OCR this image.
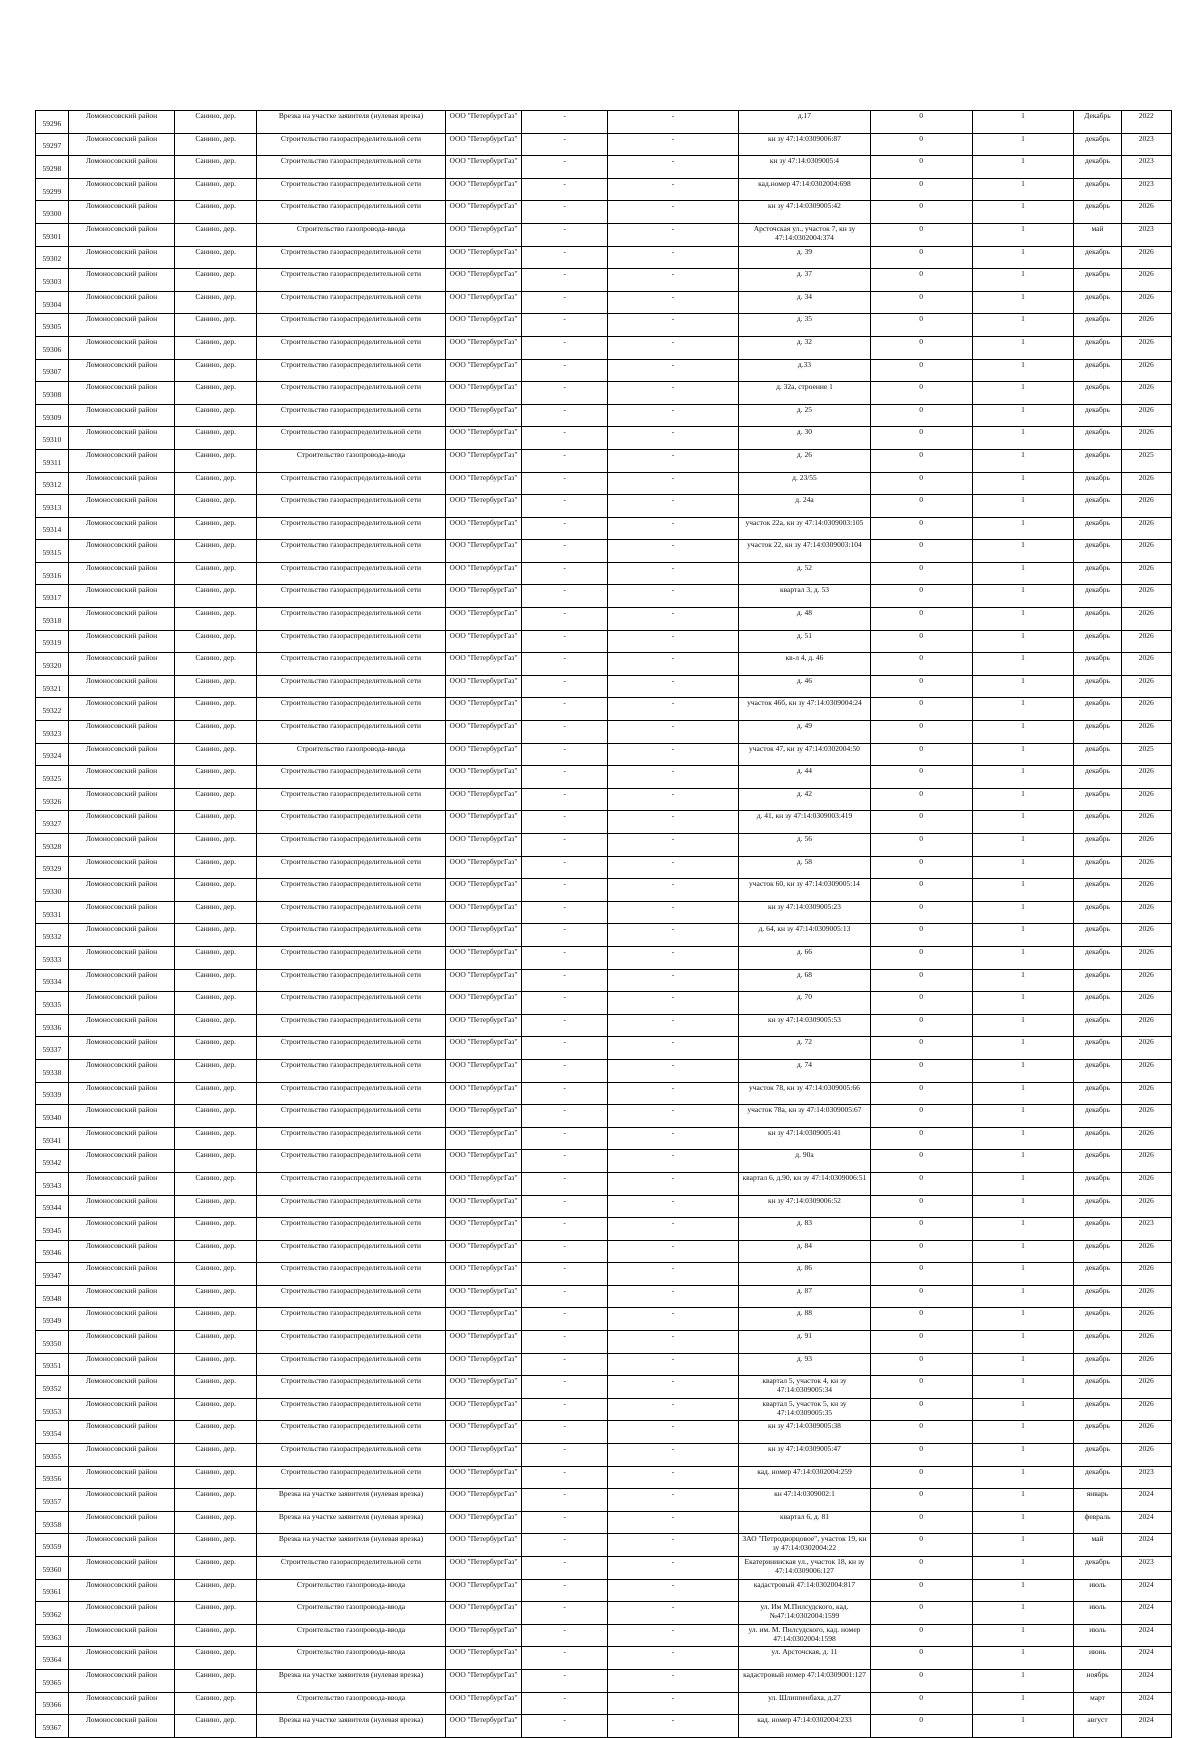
59296	Ломоносовский район	Санино, дер.	Врезка на участке заявителя (нулевая врезка)	ООО "ПетербургГаз"	-	-	д.17	0	1	Декабрь	2022
59297	Ломоносовский район	Санино, дер.	Строительство газораспределительной сети	ООО "ПетербургГаз"	-	-	кн зу 47:14:0309006:87	0	1	декабрь	2023
59298	Ломоносовский район	Санино, дер.	Строительство газораспределительной сети	ООО "ПетербургГаз"	-	-	кн зу 47:14:0309005:4	0	1	декабрь	2023
59299	Ломоносовский район	Санино, дер.	Строительство газораспределительной сети	ООО "ПетербургГаз"	-	-	кад.номер 47:14:0302004:698	0	1	декабрь	2023
59300	Ломоносовский район	Санино, дер.	Строительство газораспределительной сети	ООО "ПетербургГаз"	-	-	кн зу 47:14:0309005:42	0	1	декабрь	2026
59301	Ломоносовский район	Санино, дер.	Строительство газопровода-ввода	ООО "ПетербургГаз"	-	-	Арсточская ул., участок 7, кн зу 47:14:0302004:374	0	1	май	2023
59302	Ломоносовский район	Санино, дер.	Строительство газораспределительной сети	ООО "ПетербургГаз"	-	-	д. 39	0	1	декабрь	2026
59303	Ломоносовский район	Санино, дер.	Строительство газораспределительной сети	ООО "ПетербургГаз"	-	-	д. 37	0	1	декабрь	2026
59304	Ломоносовский район	Санино, дер.	Строительство газораспределительной сети	ООО "ПетербургГаз"	-	-	д. 34	0	1	декабрь	2026
59305	Ломоносовский район	Санино, дер.	Строительство газораспределительной сети	ООО "ПетербургГаз"	-	-	д. 35	0	1	декабрь	2026
59306	Ломоносовский район	Санино, дер.	Строительство газораспределительной сети	ООО "ПетербургГаз"	-	-	д. 32	0	1	декабрь	2026
59307	Ломоносовский район	Санино, дер.	Строительство газораспределительной сети	ООО "ПетербургГаз"	-	-	д.33	0	1	декабрь	2026
59308	Ломоносовский район	Санино, дер.	Строительство газораспределительной сети	ООО "ПетербургГаз"	-	-	д. 32а, строение 1	0	1	декабрь	2026
59309	Ломоносовский район	Санино, дер.	Строительство газораспределительной сети	ООО "ПетербургГаз"	-	-	д. 25	0	1	декабрь	2026
59310	Ломоносовский район	Санино, дер.	Строительство газораспределительной сети	ООО "ПетербургГаз"	-	-	д. 30	0	1	декабрь	2026
59311	Ломоносовский район	Санино, дер.	Строительство газопровода-ввода	ООО "ПетербургГаз"	-	-	д. 26	0	1	декабрь	2025
59312	Ломоносовский район	Санино, дер.	Строительство газораспределительной сети	ООО "ПетербургГаз"	-	-	д. 23/55	0	1	декабрь	2026
59313	Ломоносовский район	Санино, дер.	Строительство газораспределительной сети	ООО "ПетербургГаз"	-	-	д. 24а	0	1	декабрь	2026
59314	Ломоносовский район	Санино, дер.	Строительство газораспределительной сети	ООО "ПетербургГаз"	-	-	участок 22а, кн зу 47:14:0309003:105	0	1	декабрь	2026
59315	Ломоносовский район	Санино, дер.	Строительство газораспределительной сети	ООО "ПетербургГаз"	-	-	участок 22, кн зу 47:14:0309003:104	0	1	декабрь	2026
59316	Ломоносовский район	Санино, дер.	Строительство газораспределительной сети	ООО "ПетербургГаз"	-	-	д. 52	0	1	декабрь	2026
59317	Ломоносовский район	Санино, дер.	Строительство газораспределительной сети	ООО "ПетербургГаз"	-	-	квартал 3, д. 53	0	1	декабрь	2026
59318	Ломоносовский район	Санино, дер.	Строительство газораспределительной сети	ООО "ПетербургГаз"	-	-	д. 48	0	1	декабрь	2026
59319	Ломоносовский район	Санино, дер.	Строительство газораспределительной сети	ООО "ПетербургГаз"	-	-	д. 51	0	1	декабрь	2026
59320	Ломоносовский район	Санино, дер.	Строительство газораспределительной сети	ООО "ПетербургГаз"	-	-	кв-л 4, д. 46	0	1	декабрь	2026
59321	Ломоносовский район	Санино, дер.	Строительство газораспределительной сети	ООО "ПетербургГаз"	-	-	д. 46	0	1	декабрь	2026
59322	Ломоносовский район	Санино, дер.	Строительство газораспределительной сети	ООО "ПетербургГаз"	-	-	участок 46б, кн зу 47:14:0309004:24	0	1	декабрь	2026
59323	Ломоносовский район	Санино, дер.	Строительство газораспределительной сети	ООО "ПетербургГаз"	-	-	д. 49	0	1	декабрь	2026
59324	Ломоносовский район	Санино, дер.	Строительство газопровода-ввода	ООО "ПетербургГаз"	-	-	участок 47, кн зу 47:14:0302004:50	0	1	декабрь	2025
59325	Ломоносовский район	Санино, дер.	Строительство газораспределительной сети	ООО "ПетербургГаз"	-	-	д. 44	0	1	декабрь	2026
59326	Ломоносовский район	Санино, дер.	Строительство газораспределительной сети	ООО "ПетербургГаз"	-	-	д. 42	0	1	декабрь	2026
59327	Ломоносовский район	Санино, дер.	Строительство газораспределительной сети	ООО "ПетербургГаз"	-	-	д. 41, кн зу 47:14:0309003:419	0	1	декабрь	2026
59328	Ломоносовский район	Санино, дер.	Строительство газораспределительной сети	ООО "ПетербургГаз"	-	-	д. 56	0	1	декабрь	2026
59329	Ломоносовский район	Санино, дер.	Строительство газораспределительной сети	ООО "ПетербургГаз"	-	-	д. 58	0	1	декабрь	2026
59330	Ломоносовский район	Санино, дер.	Строительство газораспределительной сети	ООО "ПетербургГаз"	-	-	участок 60, кн зу 47:14:0309005:14	0	1	декабрь	2026
59331	Ломоносовский район	Санино, дер.	Строительство газораспределительной сети	ООО "ПетербургГаз"	-	-	кн зу 47:14:0309005:23	0	1	декабрь	2026
59332	Ломоносовский район	Санино, дер.	Строительство газораспределительной сети	ООО "ПетербургГаз"	-	-	д. 64, кн зу 47:14:0309005:13	0	1	декабрь	2026
59333	Ломоносовский район	Санино, дер.	Строительство газораспределительной сети	ООО "ПетербургГаз"	-	-	д. 66	0	1	декабрь	2026
59334	Ломоносовский район	Санино, дер.	Строительство газораспределительной сети	ООО "ПетербургГаз"	-	-	д. 68	0	1	декабрь	2026
59335	Ломоносовский район	Санино, дер.	Строительство газораспределительной сети	ООО "ПетербургГаз"	-	-	д. 70	0	1	декабрь	2026
59336	Ломоносовский район	Санино, дер.	Строительство газораспределительной сети	ООО "ПетербургГаз"	-	-	кн зу 47:14:0309005:53	0	1	декабрь	2026
59337	Ломоносовский район	Санино, дер.	Строительство газораспределительной сети	ООО "ПетербургГаз"	-	-	д. 72	0	1	декабрь	2026
59338	Ломоносовский район	Санино, дер.	Строительство газораспределительной сети	ООО "ПетербургГаз"	-	-	д. 74	0	1	декабрь	2026
59339	Ломоносовский район	Санино, дер.	Строительство газораспределительной сети	ООО "ПетербургГаз"	-	-	участок 78, кн зу 47:14:0309005:66	0	1	декабрь	2026
59340	Ломоносовский район	Санино, дер.	Строительство газораспределительной сети	ООО "ПетербургГаз"	-	-	участок 78а, кн зу 47:14:0309005:67	0	1	декабрь	2026
59341	Ломоносовский район	Санино, дер.	Строительство газораспределительной сети	ООО "ПетербургГаз"	-	-	кн зу 47:14:0309005:41	0	1	декабрь	2026
59342	Ломоносовский район	Санино, дер.	Строительство газораспределительной сети	ООО "ПетербургГаз"	-	-	д. 90а	0	1	декабрь	2026
59343	Ломоносовский район	Санино, дер.	Строительство газораспределительной сети	ООО "ПетербургГаз"	-	-	квартал 6, д.90, кн зу 47:14:0309006:51	0	1	декабрь	2026
59344	Ломоносовский район	Санино, дер.	Строительство газораспределительной сети	ООО "ПетербургГаз"	-	-	кн зу 47:14:0309006:52	0	1	декабрь	2026
59345	Ломоносовский район	Санино, дер.	Строительство газораспределительной сети	ООО "ПетербургГаз"	-	-	д. 83	0	1	декабрь	2023
59346	Ломоносовский район	Санино, дер.	Строительство газораспределительной сети	ООО "ПетербургГаз"	-	-	д. 84	0	1	декабрь	2026
59347	Ломоносовский район	Санино, дер.	Строительство газораспределительной сети	ООО "ПетербургГаз"	-	-	д. 86	0	1	декабрь	2026
59348	Ломоносовский район	Санино, дер.	Строительство газораспределительной сети	ООО "ПетербургГаз"	-	-	д. 87	0	1	декабрь	2026
59349	Ломоносовский район	Санино, дер.	Строительство газораспределительной сети	ООО "ПетербургГаз"	-	-	д. 88	0	1	декабрь	2026
59350	Ломоносовский район	Санино, дер.	Строительство газораспределительной сети	ООО "ПетербургГаз"	-	-	д. 91	0	1	декабрь	2026
59351	Ломоносовский район	Санино, дер.	Строительство газораспределительной сети	ООО "ПетербургГаз"	-	-	д. 93	0	1	декабрь	2026
59352	Ломоносовский район	Санино, дер.	Строительство газораспределительной сети	ООО "ПетербургГаз"	-	-	квартал 5, участок 4, кн зу 47:14:0309005:34	0	1	декабрь	2026
59353	Ломоносовский район	Санино, дер.	Строительство газораспределительной сети	ООО "ПетербургГаз"	-	-	квартал 5, участок 5, кн зу 47:14:0309005:35	0	1	декабрь	2026
59354	Ломоносовский район	Санино, дер.	Строительство газораспределительной сети	ООО "ПетербургГаз"	-	-	кн зу 47:14:0309005:38	0	1	декабрь	2026
59355	Ломоносовский район	Санино, дер.	Строительство газораспределительной сети	ООО "ПетербургГаз"	-	-	кн зу 47:14:0309005:47	0	1	декабрь	2026
59356	Ломоносовский район	Санино, дер.	Строительство газораспределительной сети	ООО "ПетербургГаз"	-	-	кад. номер 47:14:0302004:259	0	1	декабрь	2023
59357	Ломоносовский район	Санино, дер.	Врезка на участке заявителя (нулевая врезка)	ООО "ПетербургГаз"	-	-	кн 47:14:0309002:1	0	1	январь	2024
59358	Ломоносовский район	Санино, дер.	Врезка на участке заявителя (нулевая врезка)	ООО "ПетербургГаз"	-	-	квартал 6, д. 81	0	1	февраль	2024
59359	Ломоносовский район	Санино, дер.	Врезка на участке заявителя (нулевая врезка)	ООО "ПетербургГаз"	-	-	ЗАО "Петродворцовое", участок 19, кн зу 47:14:0302004:22	0	1	май	2024
59360	Ломоносовский район	Санино, дер.	Строительство газораспределительной сети	ООО "ПетербургГаз"	-	-	Екатерининская ул., участок 18, кн зу 47:14:0309006:127	0	1	декабрь	2023
59361	Ломоносовский район	Санино, дер.	Строительство газопровода-ввода	ООО "ПетербургГаз"	-	-	кадастровый 47:14:0302004:817	0	1	июль	2024
59362	Ломоносовский район	Санино, дер.	Строительство газопровода-ввода	ООО "ПетербургГаз"	-	-	ул. Им М.Пилсудского, кад. №47:14:0302004:1599	0	1	июль	2024
59363	Ломоносовский район	Санино, дер.	Строительство газопровода-ввода	ООО "ПетербургГаз"	-	-	ул. им. М. Пилсудского, кад. номер 47:14:0302004:1598	0	1	июль	2024
59364	Ломоносовский район	Санино, дер.	Строительство газопровода-ввода	ООО "ПетербургГаз"	-	-	ул. Арсточская, д. 11	0	1	июнь	2024
59365	Ломоносовский район	Санино, дер.	Врезка на участке заявителя (нулевая врезка)	ООО "ПетербургГаз"	-	-	кадастровый номер 47:14:0309001:127	0	1	ноябрь	2024
59366	Ломоносовский район	Санино, дер.	Строительство газопровода-ввода	ООО "ПетербургГаз"	-	-	ул. Шлиппенбаха, д.27	0	1	март	2024
59367	Ломоносовский район	Санино, дер.	Врезка на участке заявителя (нулевая врезка)	ООО "ПетербургГаз"	-	-	кад. номер 47:14:0302004:233	0	1	август	2024
